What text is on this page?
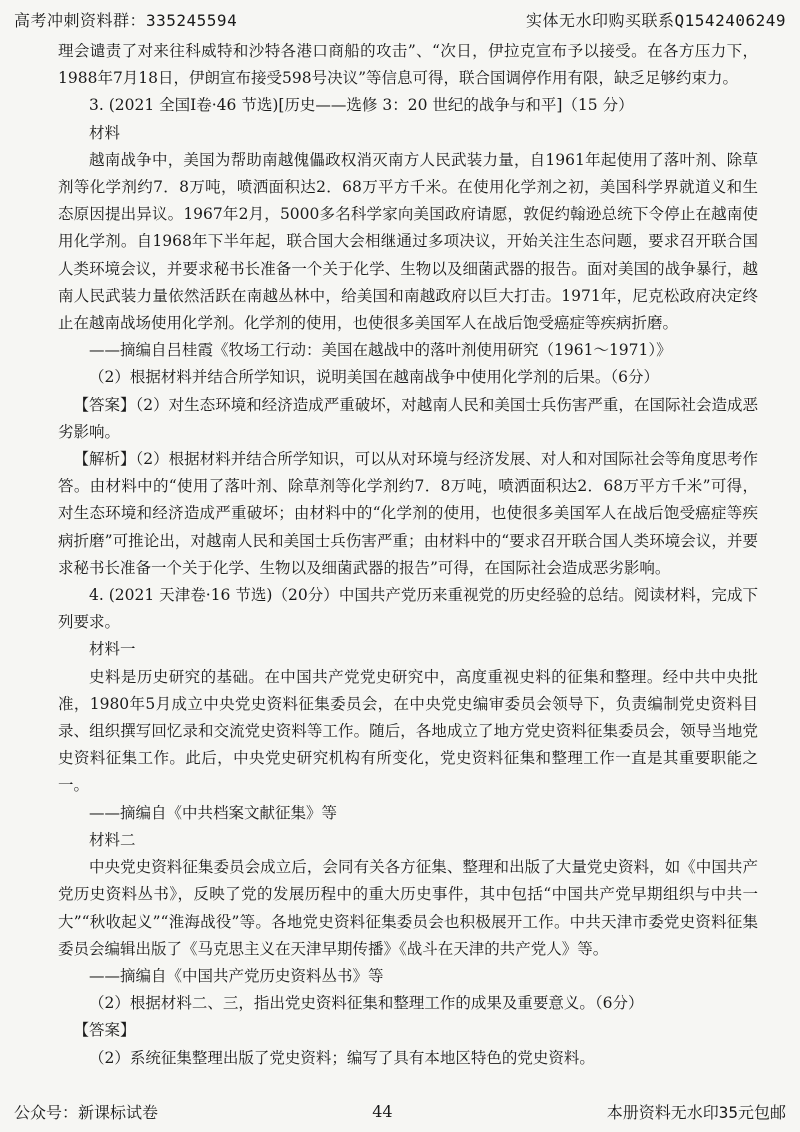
高考冲刺资料群：335245594	实体无水印购买联系Q1542406249

理会谴责了对来往科威特和沙特各港口商船的攻击”、“次日，伊拉克宣布予以接受。在各方压力下，1988年7月18日，伊朗宣布接受598号决议”等信息可得，联合国调停作用有限，缺乏足够约束力。

3. (2021 全国Ⅰ卷·46 节选)[历史——选修 3：20 世纪的战争与和平]（15 分）

材料

越南战争中，美国为帮助南越傀儡政权消灭南方人民武装力量，自1961年起使用了落叶剂、除草剂等化学剂约7．8万吨，喷洒面积达2．68万平方千米。在使用化学剂之初，美国科学界就道义和生态原因提出异议。1967年2月，5000多名科学家向美国政府请愿，敦促约翰逊总统下令停止在越南使用化学剂。自1968年下半年起，联合国大会相继通过多项决议，开始关注生态问题，要求召开联合国人类环境会议，并要求秘书长准备一个关于化学、生物以及细菌武器的报告。面对美国的战争暴行，越南人民武装力量依然活跃在南越丛林中，给美国和南越政府以巨大打击。1971年，尼克松政府决定终止在越南战场使用化学剂。化学剂的使用，也使很多美国军人在战后饱受癌症等疾病折磨。

——摘编自吕桂霞《牧场工行动：美国在越战中的落叶剂使用研究（1961～1971）》

（2）根据材料并结合所学知识，说明美国在越南战争中使用化学剂的后果。（6分）

【答案】（2）对生态环境和经济造成严重破坏，对越南人民和美国士兵伤害严重，在国际社会造成恶劣影响。

【解析】（2）根据材料并结合所学知识，可以从对环境与经济发展、对人和对国际社会等角度思考作答。由材料中的“使用了落叶剂、除草剂等化学剂约7．8万吨，喷洒面积达2．68万平方千米”可得，对生态环境和经济造成严重破坏；由材料中的“化学剂的使用，也使很多美国军人在战后饱受癌症等疾病折磨”可推论出，对越南人民和美国士兵伤害严重；由材料中的“要求召开联合国人类环境会议，并要求秘书长准备一个关于化学、生物以及细菌武器的报告”可得，在国际社会造成恶劣影响。

4. (2021 天津卷·16 节选)（20分）中国共产党历来重视党的历史经验的总结。阅读材料，完成下列要求。

材料一

史料是历史研究的基础。在中国共产党党史研究中，高度重视史料的征集和整理。经中共中央批准，1980年5月成立中央党史资料征集委员会，在中央党史编审委员会领导下，负责编制党史资料目录、组织撰写回忆录和交流党史资料等工作。随后，各地成立了地方党史资料征集委员会，领导当地党史资料征集工作。此后，中央党史研究机构有所变化，党史资料征集和整理工作一直是其重要职能之一。

——摘编自《中共档案文献征集》等

材料二

中央党史资料征集委员会成立后，会同有关各方征集、整理和出版了大量党史资料，如《中国共产党历史资料丛书》，反映了党的发展历程中的重大历史事件，其中包括“中国共产党早期组织与中共一大”“秋收起义”“淮海战役”等。各地党史资料征集委员会也积极展开工作。中共天津市委党史资料征集委员会编辑出版了《马克思主义在天津早期传播》《战斗在天津的共产党人》等。

——摘编自《中国共产党历史资料丛书》等

（2）根据材料二、三，指出党史资料征集和整理工作的成果及重要意义。（6分）

【答案】

（2）系统征集整理出版了党史资料；编写了具有本地区特色的党史资料。

公众号：新课标试卷	44	本册资料无水印35元包邮
